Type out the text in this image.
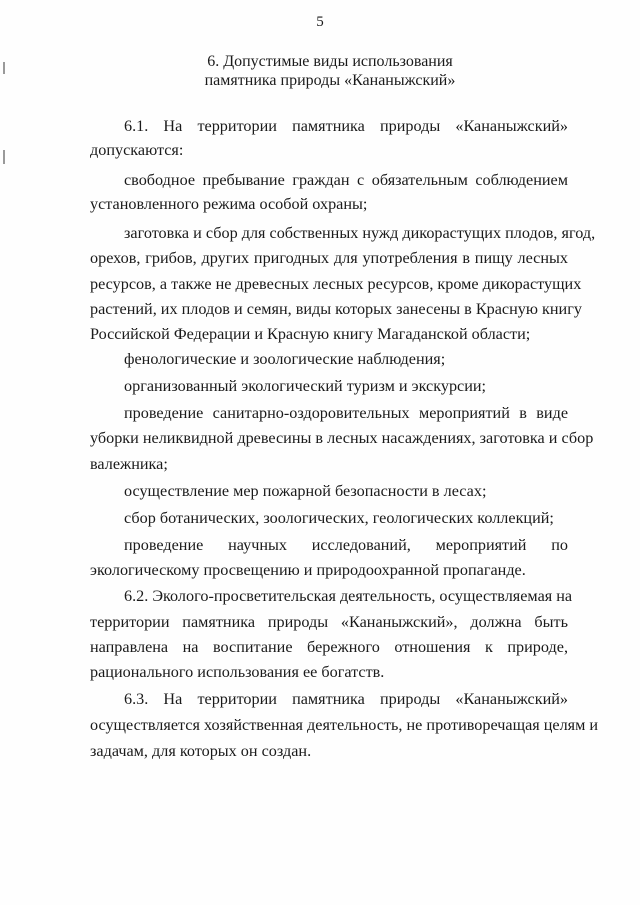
5
6. Допустимые виды использования
памятника природы «Кананыжский»
6.1. На территории памятника природы «Кананыжский»
допускаются:
свободное пребывание граждан с обязательным соблюдением
установленного режима особой охраны;
заготовка и сбор для собственных нужд дикорастущих плодов, ягод,
орехов, грибов, других пригодных для употребления в пищу лесных
ресурсов, а также не древесных лесных ресурсов, кроме дикорастущих
растений, их плодов и семян, виды которых занесены в Красную книгу
Российской Федерации и Красную книгу Магаданской области;
фенологические и зоологические наблюдения;
организованный экологический туризм и экскурсии;
проведение санитарно-оздоровительных мероприятий в виде
уборки неликвидной древесины в лесных насаждениях, заготовка и сбор
валежника;
осуществление мер пожарной безопасности в лесах;
сбор ботанических, зоологических, геологических коллекций;
проведение научных исследований, мероприятий по
экологическому просвещению и природоохранной пропаганде.
6.2. Эколого-просветительская деятельность, осуществляемая на
территории памятника природы «Кананыжский», должна быть
направлена на воспитание бережного отношения к природе,
рационального использования ее богатств.
6.3. На территории памятника природы «Кананыжский»
осуществляется хозяйственная деятельность, не противоречащая целям и
задачам, для которых он создан.
